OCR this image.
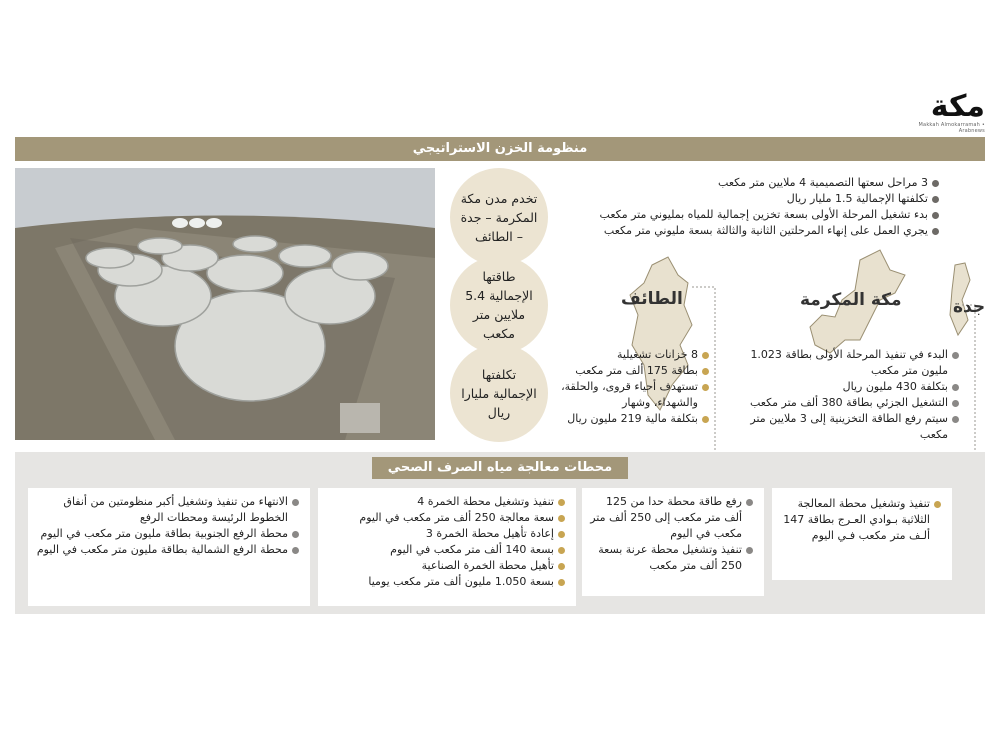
مكة
Makkah Almokarramah • Arabnews
منظومة الخزن الاستراتيجي
تخدم مدن مكة المكرمة – جدة – الطائف
طاقتها الإجمالية 5.4 ملايين متر مكعب
تكلفتها الإجمالية مليارا ريال
3 مراحل سعتها التصميمية 4 ملايين متر مكعب
تكلفتها الإجمالية 1.5 مليار ريال
بدء تشغيل المرحلة الأولى بسعة تخزين إجمالية للمياه بمليوني متر مكعب
يجري العمل على إنهاء المرحلتين الثانية والثالثة بسعة مليوني متر مكعب
الطائف	مكة المكرمة	جدة
8 خزانات تشغيلية
بطاقة 175 ألف متر مكعب
تستهدف أحياء قروى، والحلقة، والشهداء، وشهار
بتكلفة مالية 219 مليون ريال
البدء في تنفيذ المرحلة الأولى بطاقة 1.023 مليون متر مكعب
بتكلفة 430 مليون ريال
التشغيل الجزئي بطاقة 380 ألف متر مكعب
سيتم رفع الطاقة التخزينية إلى 3 ملايين متر مكعب
محطات معالجة مياه الصرف الصحي
تنفيذ وتشغيل محطة المعالجة الثلاثية بـوادي العـرج بطاقة 147 ألـف متر مكعب فـي اليوم
رفع طاقة محطة حدا من 125 ألف متر مكعب إلى 250 ألف متر مكعب في اليوم
تنفيذ وتشغيل محطة عرنة بسعة 250 ألف متر مكعب
تنفيذ وتشغيل محطة الخمرة 4
سعة معالجة 250 ألف متر مكعب في اليوم
إعادة تأهيل محطة الخمرة 3
بسعة 140 ألف متر مكعب في اليوم
تأهيل محطة الخمرة الصناعية
بسعة 1.050 مليون ألف متر مكعب يوميا
الانتهاء من تنفيذ وتشغيل أكبر منظومتين من أنفاق الخطوط الرئيسة ومحطات الرفع
محطة الرفع الجنوبية بطاقة مليون متر مكعب في اليوم
محطة الرفع الشمالية بطاقة مليون متر مكعب في اليوم
